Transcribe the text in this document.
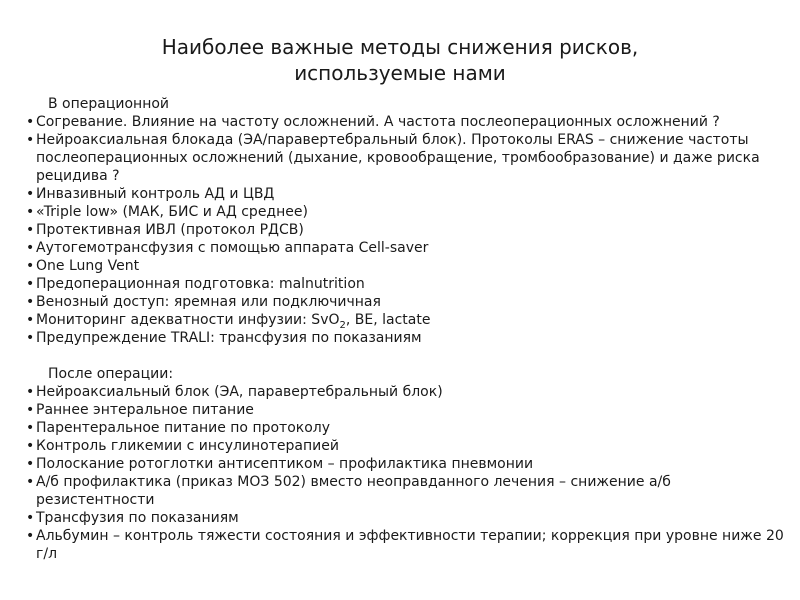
Наиболее важные методы снижения рисков,
используемые нами

В операционной

• Согревание. Влияние на частоту осложнений. А частота послеоперационных осложнений ?
• Нейроаксиальная блокада (ЭА/паравертебральный блок). Протоколы ERAS – снижение частоты послеоперационных осложнений (дыхание, кровообращение, тромбообразование) и даже риска рецидива ?
• Инвазивный контроль АД и ЦВД
• «Triple low» (МАК, БИС и АД среднее)
• Протективная ИВЛ (протокол РДСВ)
• Аутогемотрансфузия с помощью аппарата Cell-saver
• One Lung Vent
• Предоперационная подготовка: malnutrition
• Венозный доступ: яремная или подключичная
• Мониторинг адекватности инфузии: SvO$_2$, BE, lactate
• Предупреждение TRALI: трансфузия по показаниям

После операции:

• Нейроаксиальный блок (ЭА, паравертебральный блок)
• Раннее энтеральное питание
• Парентеральное питание по протоколу
• Контроль гликемии с инсулинотерапией
• Полоскание ротоглотки антисептиком – профилактика пневмонии
• А/б профилактика (приказ МОЗ 502) вместо неоправданного лечения – снижение а/б резистентности
• Трансфузия по показаниям
• Альбумин – контроль тяжести состояния и эффективности терапии; коррекция при уровне ниже 20 г/л
